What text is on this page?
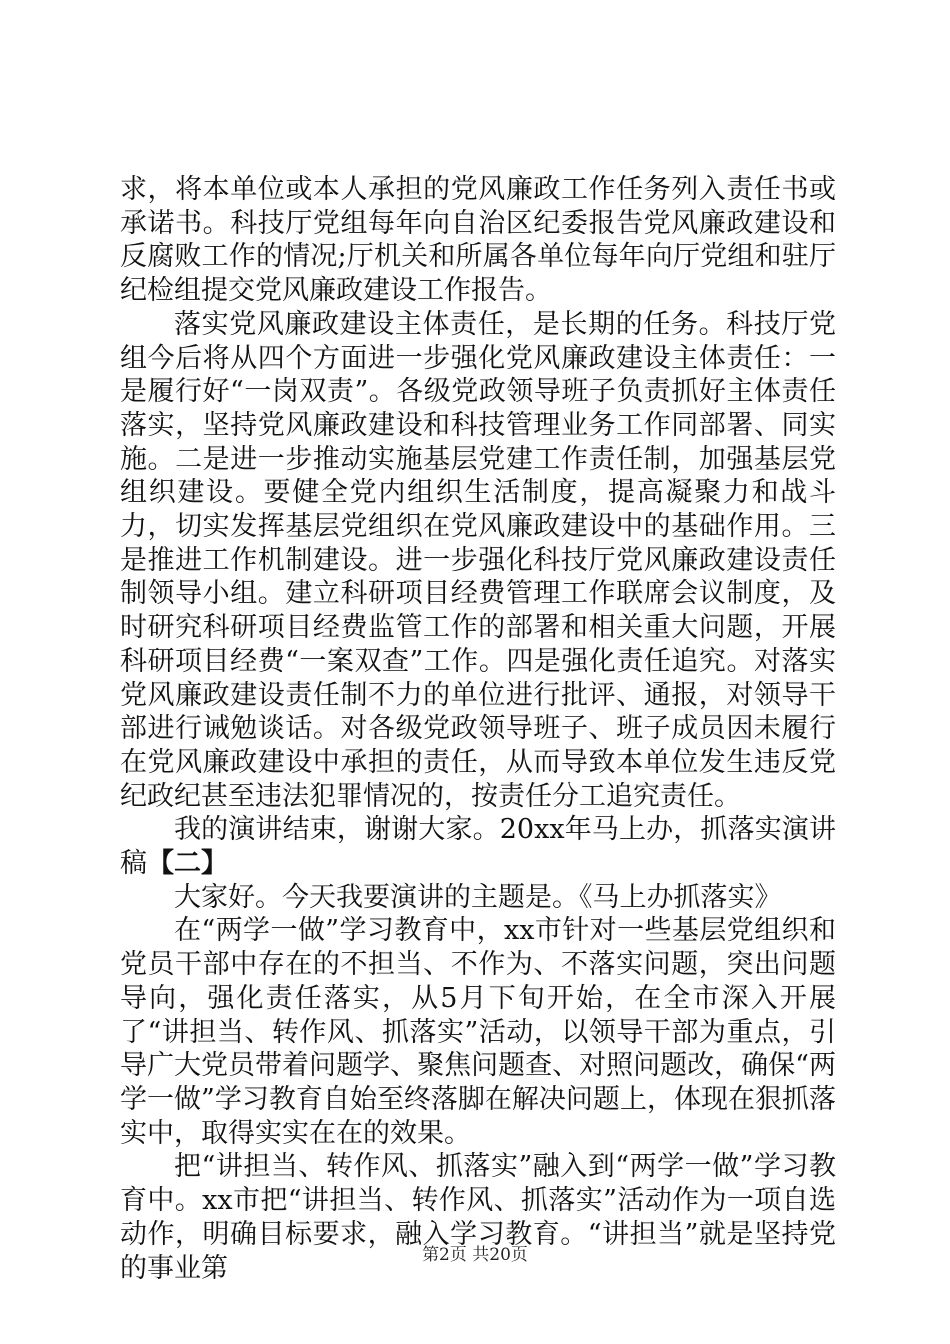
求，将本单位或本人承担的党风廉政工作任务列入责任书或承诺书。科技厅党组每年向自治区纪委报告党风廉政建设和反腐败工作的情况;厅机关和所属各单位每年向厅党组和驻厅纪检组提交党风廉政建设工作报告。

落实党风廉政建设主体责任，是长期的任务。科技厅党组今后将从四个方面进一步强化党风廉政建设主体责任：一是履行好“一岗双责”。各级党政领导班子负责抓好主体责任落实，坚持党风廉政建设和科技管理业务工作同部署、同实施。二是进一步推动实施基层党建工作责任制，加强基层党组织建设。要健全党内组织生活制度，提高凝聚力和战斗力，切实发挥基层党组织在党风廉政建设中的基础作用。三是推进工作机制建设。进一步强化科技厅党风廉政建设责任制领导小组。建立科研项目经费管理工作联席会议制度，及时研究科研项目经费监管工作的部署和相关重大问题，开展科研项目经费“一案双查”工作。四是强化责任追究。对落实党风廉政建设责任制不力的单位进行批评、通报，对领导干部进行诫勉谈话。对各级党政领导班子、班子成员因未履行在党风廉政建设中承担的责任，从而导致本单位发生违反党纪政纪甚至违法犯罪情况的，按责任分工追究责任。

我的演讲结束，谢谢大家。20xx年马上办，抓落实演讲稿【二】

大家好。今天我要演讲的主题是。《马上办抓落实》

在“两学一做”学习教育中，xx市针对一些基层党组织和党员干部中存在的不担当、不作为、不落实问题，突出问题导向，强化责任落实，从5月下旬开始，在全市深入开展了“讲担当、转作风、抓落实”活动，以领导干部为重点，引导广大党员带着问题学、聚焦问题查、对照问题改，确保“两学一做”学习教育自始至终落脚在解决问题上，体现在狠抓落实中，取得实实在在的效果。

把“讲担当、转作风、抓落实”融入到“两学一做”学习教育中。xx市把“讲担当、转作风、抓落实”活动作为一项自选动作，明确目标要求，融入学习教育。“讲担当”就是坚持党的事业第	第2页 共20页
